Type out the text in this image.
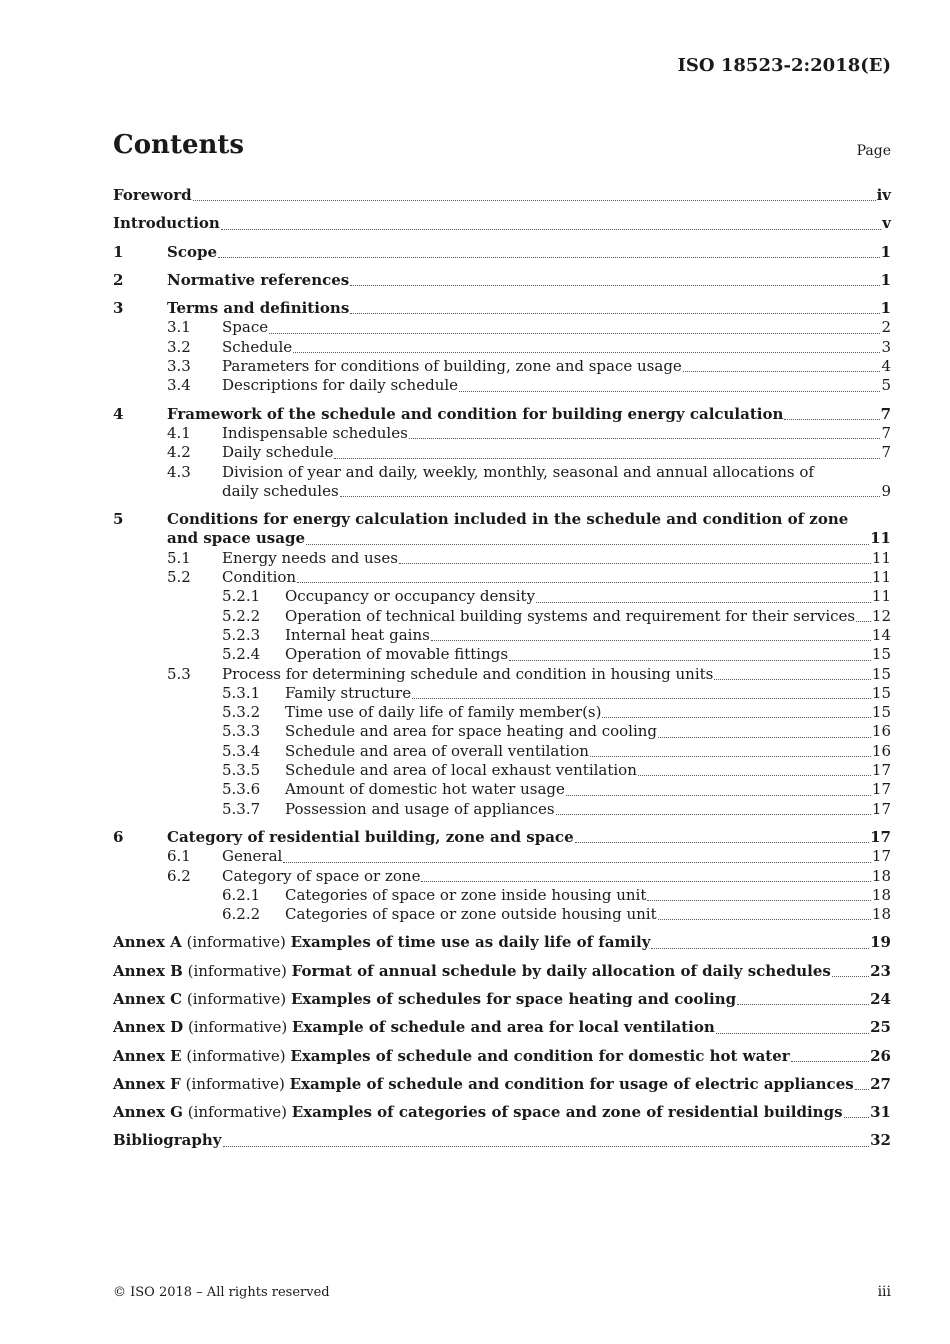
ISO 18523-2:2018(E)
Contents	Page
Foreword	iv
Introduction	v
1	Scope	1
2	Normative references	1
3	Terms and definitions	1
3.1	Space	2
3.2	Schedule	3
3.3	Parameters for conditions of building, zone and space usage	4
3.4	Descriptions for daily schedule	5
4	Framework of the schedule and condition for building energy calculation	7
4.1	Indispensable schedules	7
4.2	Daily schedule	7
4.3	Division of year and daily, weekly, monthly, seasonal and annual allocations of
daily schedules	9
5	Conditions for energy calculation included in the schedule and condition of zone
and space usage	11
5.1	Energy needs and uses	11
5.2	Condition	11
5.2.1	Occupancy or occupancy density	11
5.2.2	Operation of technical building systems and requirement for their services 12
5.2.3	Internal heat gains	14
5.2.4	Operation of movable fittings	15
5.3	Process for determining schedule and condition in housing units	15
5.3.1	Family structure	15
5.3.2	Time use of daily life of family member(s)	15
5.3.3	Schedule and area for space heating and cooling	16
5.3.4	Schedule and area of overall ventilation	16
5.3.5	Schedule and area of local exhaust ventilation	17
5.3.6	Amount of domestic hot water usage	17
5.3.7	Possession and usage of appliances	17
6	Category of residential building, zone and space	17
6.1	General	17
6.2	Category of space or zone	18
6.2.1	Categories of space or zone inside housing unit	18
6.2.2	Categories of space or zone outside housing unit	18
Annex A (informative) Examples of time use as daily life of family	19
Annex B (informative) Format of annual schedule by daily allocation of daily schedules	23
Annex C (informative) Examples of schedules for space heating and cooling	24
Annex D (informative) Example of schedule and area for local ventilation	25
Annex E (informative) Examples of schedule and condition for domestic hot water	26
Annex F (informative) Example of schedule and condition for usage of electric appliances 27
Annex G (informative) Examples of categories of space and zone of residential buildings 31
Bibliography	32
© ISO 2018 – All rights reserved	iii
